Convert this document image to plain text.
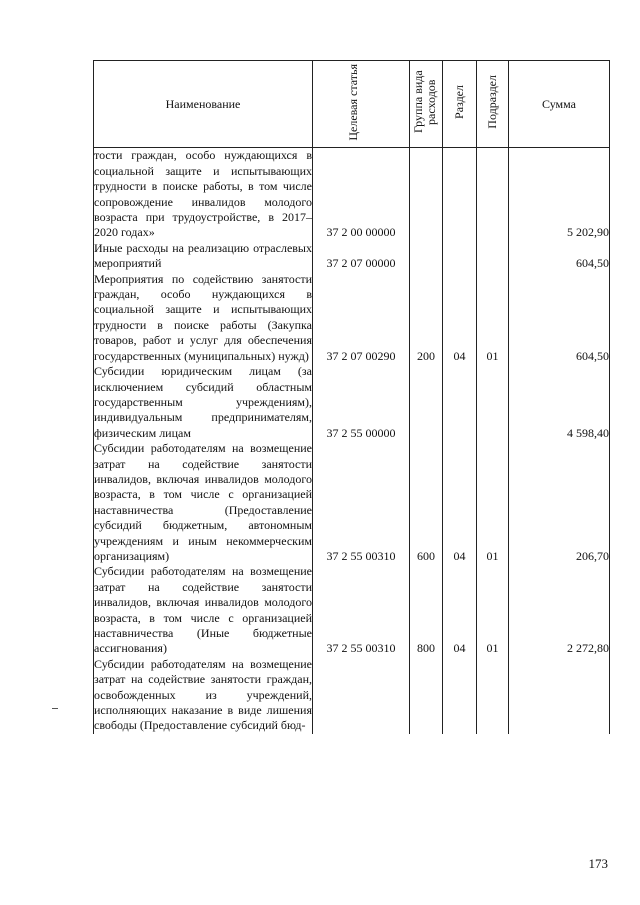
Наименование	Целевая статья	Группа вида расходов	Раздел	Подраздел	Сумма
тости граждан, особо нуждающихся в социальной защите и испытывающих трудности в поиске работы, в том числе сопровождение инвалидов молодого возраста при трудоустройстве, в 2017–2020 годах»	37 2 00 00000				5 202,90
Иные расходы на реализацию отраслевых мероприятий	37 2 07 00000				604,50
Мероприятия по содействию занятости граждан, особо нуждающихся в социальной защите и испытывающих трудности в поиске работы (Закупка товаров, работ и услуг для обеспечения государственных (муниципальных) нужд)	37 2 07 00290	200	04	01	604,50
Субсидии юридическим лицам (за исключением субсидий областным государственным учреждениям), индивидуальным предпринимателям, физическим лицам	37 2 55 00000				4 598,40
Субсидии работодателям на возмещение затрат на содействие занятости инвалидов, включая инвалидов молодого возраста, в том числе с организацией наставничества (Предоставление субсидий бюджетным, автономным учреждениям и иным некоммерческим организациям)	37 2 55 00310	600	04	01	206,70
Субсидии работодателям на возмещение затрат на содействие занятости инвалидов, включая инвалидов молодого возраста, в том числе с организацией наставничества (Иные бюджетные ассигнования)	37 2 55 00310	800	04	01	2 272,80
Субсидии работодателям на возмещение затрат на содействие занятости граждан, освобожденных из учреждений, исполняющих наказание в виде лишения свободы (Предоставление субсидий бюд-					
173
